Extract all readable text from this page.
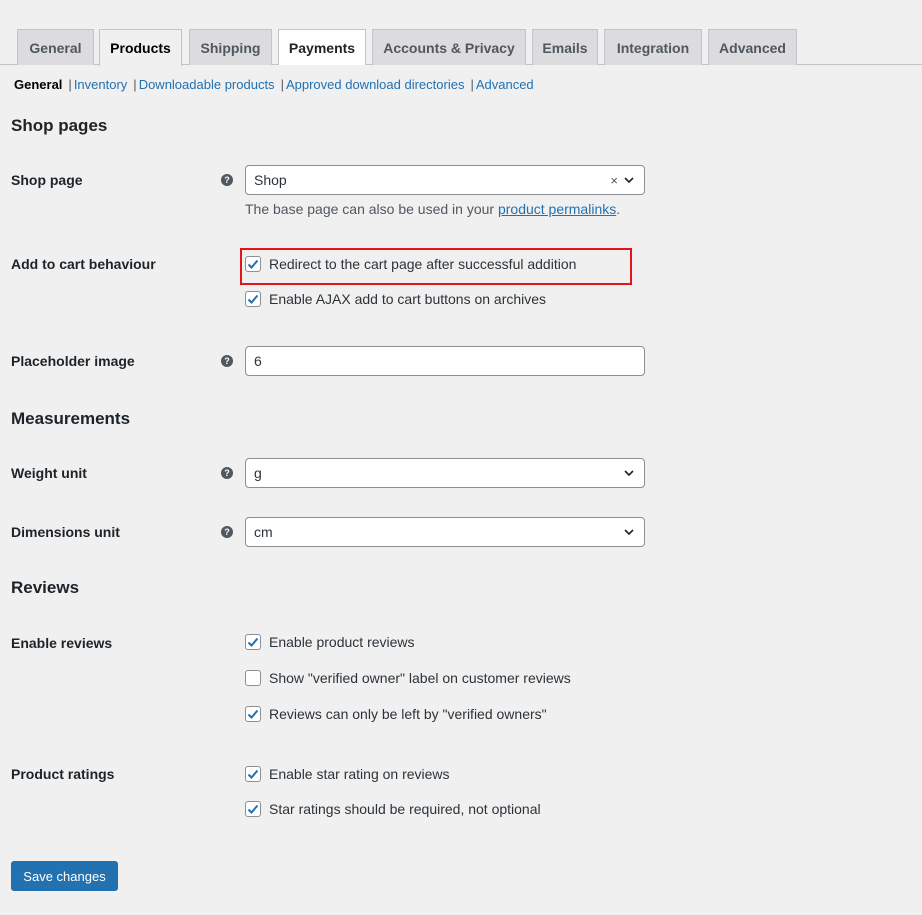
General	Products	Shipping	Payments	Accounts & Privacy	Emails	Integration	Advanced
General | Inventory | Downloadable products | Approved download directories | Advanced
Shop pages
Shop page	? Shop	×
The base page can also be used in your product permalinks.
Add to cart behaviour	Redirect to the cart page after successful addition
Enable AJAX add to cart buttons on archives
Placeholder image	? 6
Measurements
Weight unit	? g
Dimensions unit	? cm
Reviews
Enable reviews	Enable product reviews
Show "verified owner" label on customer reviews
Reviews can only be left by "verified owners"
Product ratings	Enable star rating on reviews
Star ratings should be required, not optional
Save changes
